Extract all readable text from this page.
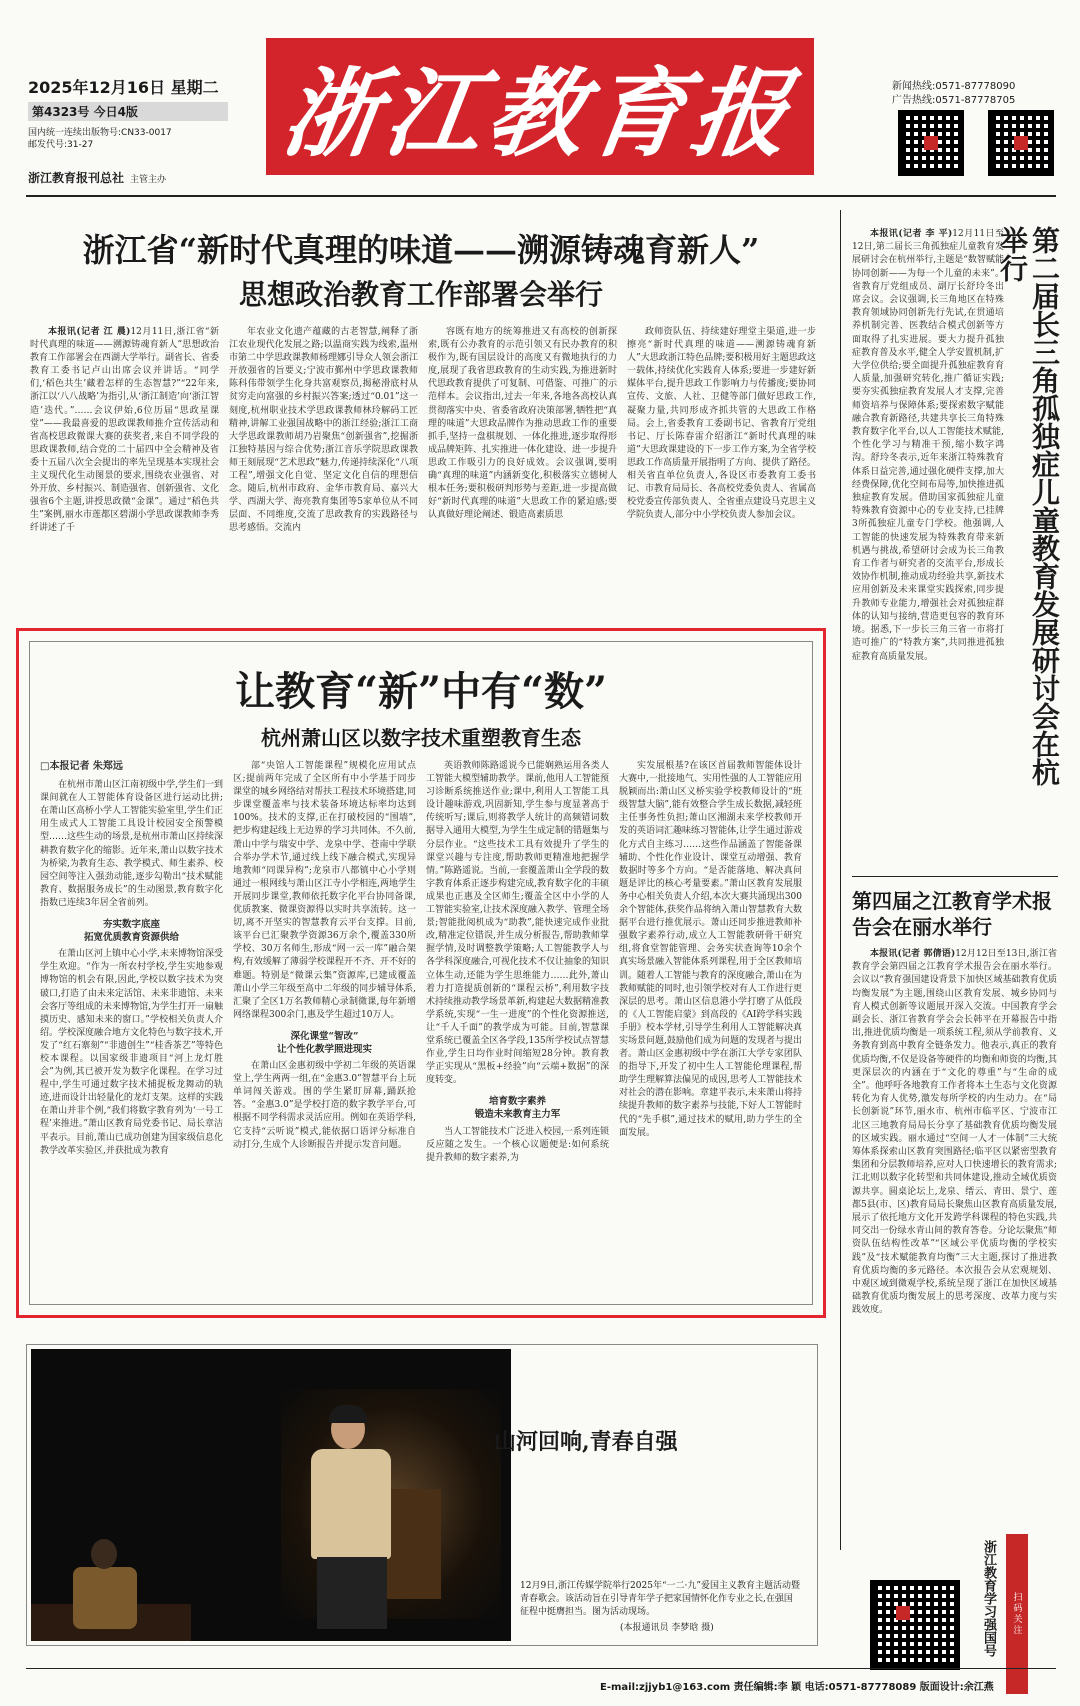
2025年12月16日 星期二
第4323号 今日4版
国内统一连续出版物号:CN33-0017
邮发代号:31-27
浙江教育报刊总社 主管主办
浙江教育报	新闻热线:0571-87778090
广告热线:0571-87778705
浙江省“新时代真理的味道——溯源铸魂育新人”
思想政治教育工作部署会举行

本报讯(记者 江 晨)12月11日,浙江省“新时代真理的味道——溯源铸魂育新人”思想政治教育工作部署会在西湖大学举行。副省长、省委教育工委书记卢山出席会议并讲话。“同学们,‘稻色共生’藏着怎样的生态智慧?”“22年来,浙江以‘八八战略’为指引,从‘浙江制造’向‘浙江智造’迭代。”……会议伊始,6位历届“思政星课堂”——我最喜爱的思政课教师推介宣传活动和省高校思政微课大赛的获奖者,来自不同学段的思政课教师,结合党的二十届四中全会精神及省委十五届八次全会提出的率先呈现基本实现社会主义现代化生动图景的要求,围绕农业强省、对外开放、乡村振兴、制造强省、创新强省、文化强省6个主题,讲授思政微“金课”。通过“稻色共生”案例,丽水市莲都区碧湖小学思政课教师李秀纤讲述了千

年农业文化遗产蕴藏的古老智慧,阐释了浙江农业现代化发展之路;以温商实践为线索,温州市第二中学思政课教师杨理娜引导众人领会浙江开放强省的旨要义;宁波市鄞州中学思政课教师陈科伟带领学生化身共富观察员,揭秘滑底村从贫穷走向富强的乡村振兴答案;透过“0.01”这一刻度,杭州职业技术学思政课教师林玲解码工匠精神,讲解工业强国战略中的浙江经验;浙江工商大学思政课教师胡乃岩聚焦“创新强省”,挖掘浙江独特基因与综合优势;浙江音乐学院思政课教师王刻展现“艺术思政”魅力,传递持续深化“八项工程”,增强文化自觉、坚定文化自信的理想信念。随后,杭州市政府、金华市教育局、嘉兴大学、西湖大学、海亮教育集团等5家单位从不同层面、不同维度,交流了思政教育的实践路径与思考感悟。交流内

容既有地方的统筹推进又有高校的创新探索,既有公办教育的示范引领又有民办教育的积极作为,既有国层设计的高度又有微地执行的力度,展现了我省思政教育的生动实践,为推进新时代思政教育提供了可复制、可借鉴、可推广的示范样本。会议指出,过去一年来,各地各高校认真贯彻落实中央、省委省政府决策部署,牺牲把“真理的味道”大思政品牌作为推动思政工作的重要抓手,坚持一盘棋规划、一体化推进,逐步取得形成品牌矩阵、扎实推进一体化建设、进一步提升思政工作吸引力的良好成效。会议强调,要明确“真理的味道”内涵新变化,积极落实立德树人根本任务;要积极研判形势与差距,进一步提高做好“新时代真理的味道”大思政工作的紧迫感;要认真做好理论阐述、锻造高素质思

政师资队伍、持续建好理堂主渠道,进一步擦亮“新时代真理的味道——溯源铸魂育新人”大思政浙江特色品牌;要积极用好主题思政这一载体,持续优化实践育人体系;要进一步建好新媒体平台,提升思政工作影响力与传播度;要协同宣传、文旅、人社、卫健等部门做好思政工作,凝聚力量,共同形成齐抓共管的大思政工作格局。会上,省委教育工委副书记、省教育厅党组书记、厅长陈春雷介绍浙江“新时代真理的味道”大思政课建设的下一步工作方案,为全省学校思政工作高质量开展指明了方向、提供了路径。相关省直单位负责人,各设区市委教育工委书记、市教育局局长、各高校党委负责人、省属高校党委宣传部负责人、全省重点建设马克思主义学院负责人,部分中小学校负责人参加会议。

让教育“新”中有“数”
杭州萧山区以数字技术重塑教育生态
□本报记者 朱郑远

在杭州市萧山区江南初级中学,学生们一到课间就在人工智能体育设备区进行运动比拼;在萧山区高桥小学人工智能实验室里,学生们正用生成式人工智能工具设计校园安全预警模型……这些生动的场景,是杭州市萧山区持续深耕教育数字化的缩影。近年来,萧山以数字技术为桥梁,为教育生态、教学模式、师生素养、校园空间等注入强劲动能,逐步勾勒出“技术赋能教育、数据服务成长”的生动图景,教育数字化指数已连续3年居全省前列。

夯实数字底座
拓宽优质教育资源供给

在萧山区河上镇中心小学,未来博物馆深受学生欢迎。“作为一所农村学校,学生实地参观博物馆的机会有限,因此,学校以数字技术为突破口,打造了由未来定活馆、未来非遗馆、未来会客厅等组成的未来博物馆,为学生打开一扇触摸历史、感知未来的窗口。”学校相关负责人介绍。学校深度融合地方文化特色与数字技术,开发了“红石寨刻”“非遗创生”“桂香茶艺”等特色校本课程。以国家级非遗项目“河上龙灯胜会”为例,其已被开发为数字化课程。在学习过程中,学生可通过数字技术捕捉板龙舞动的轨迹,进而设计出轻量化的龙灯支架。这样的实践在萧山并非个例,“我们将数字教育列为‘一号工程’来推进。”萧山区教育局党委书记、局长章洁平表示。目前,萧山已成功创建为国家级信息化教学改革实验区,并获批成为教育

部“央馆人工智能课程”规模化应用试点区;提前两年完成了全区所有中小学基于同步课堂的城乡网络结对帮扶工程技术环境搭建,同步课堂覆盖率与技术装备环境达标率均达到100%。技术的支撑,正在打破校园的“围墙”,把步构建起线上无边界的学习共同体。不久前,萧山中学与瑞安中学、龙泉中学、苍南中学联合举办学术节,通过线上线下融合模式,实现异地教师“同课异构”;龙泉市八都镇中心小学则通过一根网线与萧山区江寺小学相连,两地学生开展同步课堂,教师依托数字化平台协同备课,优质教案、微课资源得以实时共享流转。这一切,离不开坚实的智慧教育云平台支撑。目前,该平台已汇聚教学资源36万余个,覆盖330所学校、30万名师生,形成“网一云一库”融合架构,有效缓解了薄弱学校课程开不齐、开不好的难题。特别是“微课云集”资源库,已建成覆盖萧山小学三年级至高中二年级的同步辅导体系,汇聚了全区1万名教师精心录制微课,每年新增网络课程300余门,惠及学生超过10万人。

深化课堂“智改”
让个性化教学照进现实

在萧山区金惠初级中学初二年级的英语课堂上,学生两两一组,在“金惠3.0”智慧平台上玩单词闯关游戏。围的学生紧盯屏幕,踊跃抢答。“金惠3.0”是学校打造的数字教学平台,可根据不同学科需求灵活应用。例如在英语学科,它支持“云听说”模式,能依据口语评分标准自动打分,生成个人诊断报告并提示发音问题。

英语教师陈路遥说今已能娴熟运用各类人工智能大模型辅助教学。课前,他用人工智能预习诊断系统推送作业;课中,利用人工智能工具设计趣味游戏,巩固新知,学生参与度显著高于传统听写;课后,则将教学人统计的高频错词数据导入通用大模型,为学生生成定制的错题集与分层作业。“这些技术工具有效提升了学生的课堂兴趣与专注度,帮助教师更精准地把握学情。”陈路遥说。当前,一套覆盖萧山全学段的数字教育体系正逐步构建完成,教育数字化的丰硕成果也正惠及全区师生;覆盖全区中小学的人工智能实验室,让技术深度融入教学、管理全场景;智能批阅机成为“助教”,能快速完成作业批改,精准定位错误,并生成分析报告,帮助教师掌握学情,及时调整教学策略;人工智能教学人与各学科深度融合,可视化技术不仅让抽象的知识立体生动,还能为学生思维能力……此外,萧山着力打造提质创新的“课程云桥”,利用数字技术持续推动教学场景革新,构建起大数据精准教学系统,实现“一生一进度”的个性化资源推送,让“千人千面”的教学成为可能。目前,智慧课堂系统已覆盖全区各学段,135所学校试点智慧作业,学生日均作业时间缩短28分钟。教育教学正实现从“黑板+经验”向“云端+数据”的深度转变。

培育数字素养
锻造未来教育主力军

当人工智能技术广泛进入校园,一系列连锁反应随之发生。一个核心议题便是:如何系统提升教师的数字素养,为

实发展根基?在该区首届教师智能体设计大赛中,一批接地气、实用性强的人工智能应用脱颖而出:萧山区义桥实验学校教师设计的“班级智慧大脑”,能有效整合学生成长数据,减轻班主任事务性负担;萧山区湘湖未来学校教师开发的英语词汇趣味练习智能体,让学生通过游戏化方式自主练习……这些作品涵盖了智能备课辅助、个性化作业设计、课堂互动增强、教育数据时等多个方向。“是否能落地、解决真问题是评比的核心考量要素。”萧山区教育发展服务中心相关负责人介绍,本次大赛共涌现出300余个智能体,获奖作品将纳入萧山智慧教育大数据平台进行推优展示。萧山还同步推进教师补强数字素养行动,成立人工智能教研骨干研究组,将食堂智能管理、会务实状查询等10余个真实场景融入智能体系列课程,用于全区教师培训。随着人工智能与教育的深度融合,萧山在为教师赋能的同时,也引领学校对有人工作进行更深层的思考。萧山区信息港小学打磨了从低段的《人工智能启蒙》到高段的《AI跨学科实践手册》校本学材,引导学生利用人工智能解决真实场景问题,鼓励他们成为问题的发现者与提出者。萧山区金惠初级中学在浙江大学专家团队的指导下,开发了初中生人工智能伦理课程,帮助学生理解算法偏见的成因,思考人工智能技术对社会的潜在影响。章建平表示,未来萧山将持续提升教师的数字素养与技能,下好人工智能时代的“先手棋”,通过技术的赋用,助力学生的全面发展。

本报讯(记者 李 平)12月11日至12日,第二届长三角孤独症儿童教育发展研讨会在杭州举行,主题是“数智赋能 协同创新——为每一个儿童的未来”。省教育厅党组成员、副厅长舒玲冬出席会议。会议强调,长三角地区在特殊教育领域协同创新先行先试,在贯通培养机制完善、医教结合模式创新等方面取得了扎实进展。要大力提升孤独症教育普及水平,健全人学安置机制,扩大学位供给;要全面提升孤独症教育育人质量,加强研究转化,推广循证实践;要夯实孤独症教育发展人才支撑,完善师资培养与保障体系;要探索数字赋能融合教育新路径,共建共享长三角特殊教育数字化平台,以人工智能技术赋能,个性化学习与精准干预,缩小数字鸿沟。舒玲冬表示,近年来浙江特殊教育体系日益完善,通过强化硬件支撑,加大经费保障,优化空间布局等,加快推进孤独症教育发展。借助国家孤独症儿童特殊教育资源中心的专业支持,已挂牌3所孤独症儿童专门学校。他强调,人工智能的快速发展为特殊教育带来新机遇与挑战,希望研讨会成为长三角教育工作者与研究者的交流平台,形成长效协作机制,推动成功经验共享,新技术应用创新及未来课堂实践探索,同步提升教师专业能力,增强社会对孤独症群体的认知与接纳,营造更包容的教育环境。据悉,下一步长三角三省一市将打造可推广的“特教方案”,共同推进孤独症教育高质量发展。	第二届长三角孤独症儿童教育发展研讨会在杭举行
第四届之江教育学术报告会在丽水举行

本报讯(记者 郭倩语)12月12日至13日,浙江省教育学会第四届之江教育学术报告会在丽水举行。会议以“教育强国建设背景下加快区域基础教育优质均衡发展”为主题,围绕山区教育发展、城乡协同与育人模式创新等议题展开深入交流。中国教育学会副会长、浙江省教育学会会长韩平在开幕报告中指出,推进优质均衡是一项系统工程,须从学前教育、义务教育到高中教育全链条发力。他表示,真正的教育优质均衡,不仅是设备等硬件的均衡和师资的均衡,其更深层次的内涵在于“文化的尊重”与“生命的成全”。他呼吁各地教育工作者将本土生态与文化资源转化为育人优势,激发每所学校的内生动力。在“局长创新说”环节,丽水市、杭州市临平区、宁波市江北区三地教育局局长分享了基础教育优质均衡发展的区域实践。丽水通过“空间一人才一体制”三大统筹体系探索山区教育突围路径;临平区以紧密型教育集团和分层教师培养,应对人口快速增长的教育需求;江北则以数字化转型和共同体建设,推动全域优质资源共享。圆桌论坛上,龙泉、缙云、青田、景宁、莲都5县(市、区)教育局局长聚焦山区教育高质量发展,展示了依托地方文化开发跨学科课程的特色实践,共同交出一份绿水青山间的教育答卷。分论坛聚焦“师资队伍结构性改革”“区域公平优质均衡的学校实践”及“技术赋能教育均衡”三大主题,探讨了推进教育优质均衡的多元路径。本次报告会从宏观规划、中观区域到微观学校,系统呈现了浙江在加快区域基础教育优质均衡发展上的思考深度、改革力度与实践效度。

山河回响,青春自强
12月9日,浙江传媒学院举行2025年“一二·九”爱国主义教育主题活动暨青春歌会。该活动旨在引导青年学子把家国情怀化作专业之长,在强国征程中挺膺担当。图为活动现场。
(本报通讯员 李梦晗 摄)	浙江教育学习强国号	扫码关注
E-mail:zjjyb1@163.com 责任编辑:李 颖 电话:0571-87778089 版面设计:余江燕
